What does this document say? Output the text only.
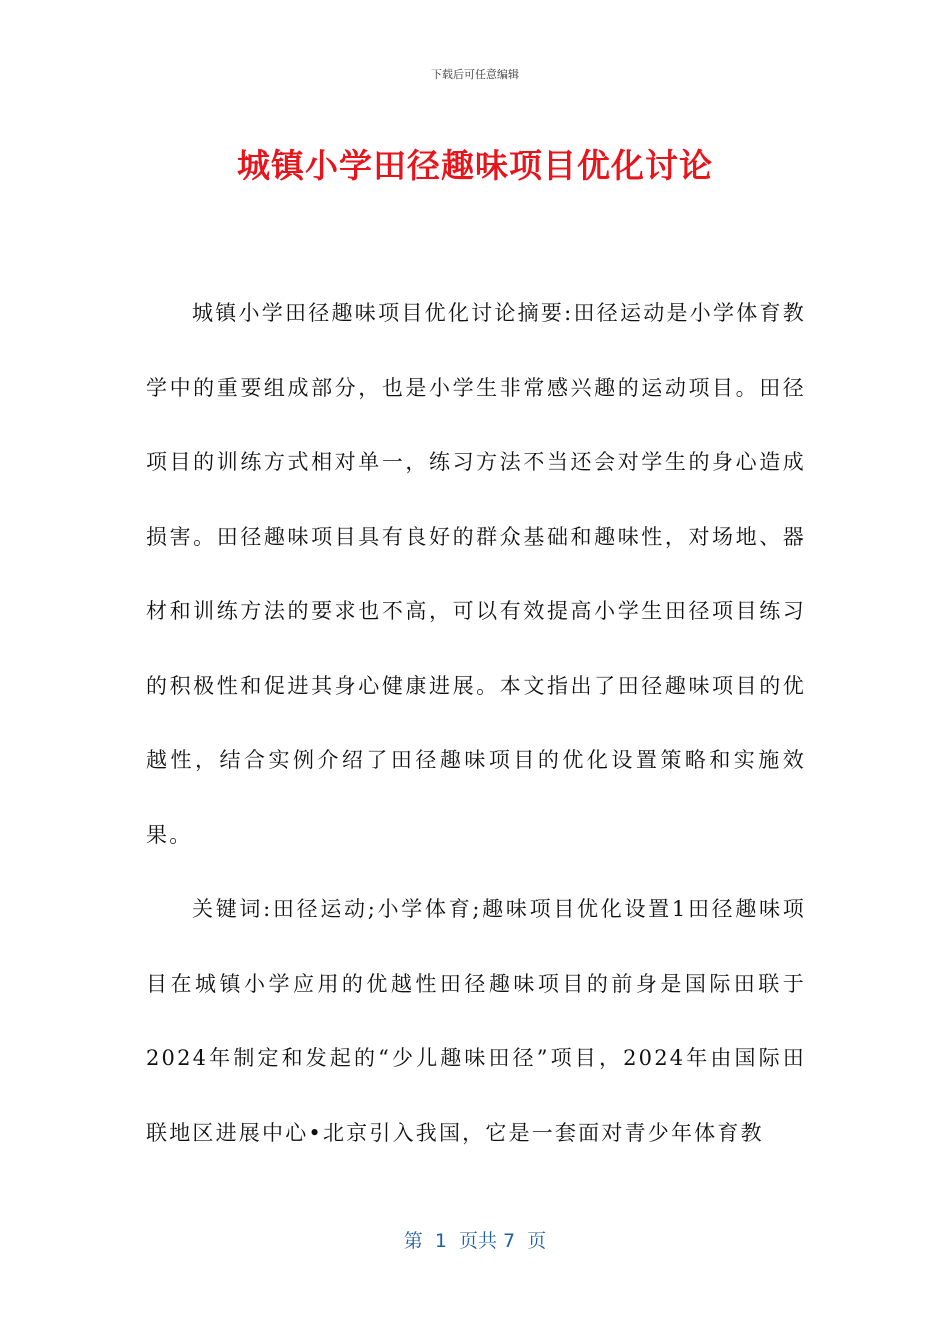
下载后可任意编辑
城镇小学田径趣味项目优化讨论

城镇小学田径趣味项目优化讨论摘要:田径运动是小学体育教学中的重要组成部分，也是小学生非常感兴趣的运动项目。田径项目的训练方式相对单一，练习方法不当还会对学生的身心造成损害。田径趣味项目具有良好的群众基础和趣味性，对场地、器材和训练方法的要求也不高，可以有效提高小学生田径项目练习的积极性和促进其身心健康进展。本文指出了田径趣味项目的优越性，结合实例介绍了田径趣味项目的优化设置策略和实施效果。

关键词:田径运动;小学体育;趣味项目优化设置1田径趣味项目在城镇小学应用的优越性田径趣味项目的前身是国际田联于2024年制定和发起的“少儿趣味田径”项目，2024年由国际田联地区进展中心•北京引入我国，它是一套面对青少年体育教

第  1  页共 7  页
